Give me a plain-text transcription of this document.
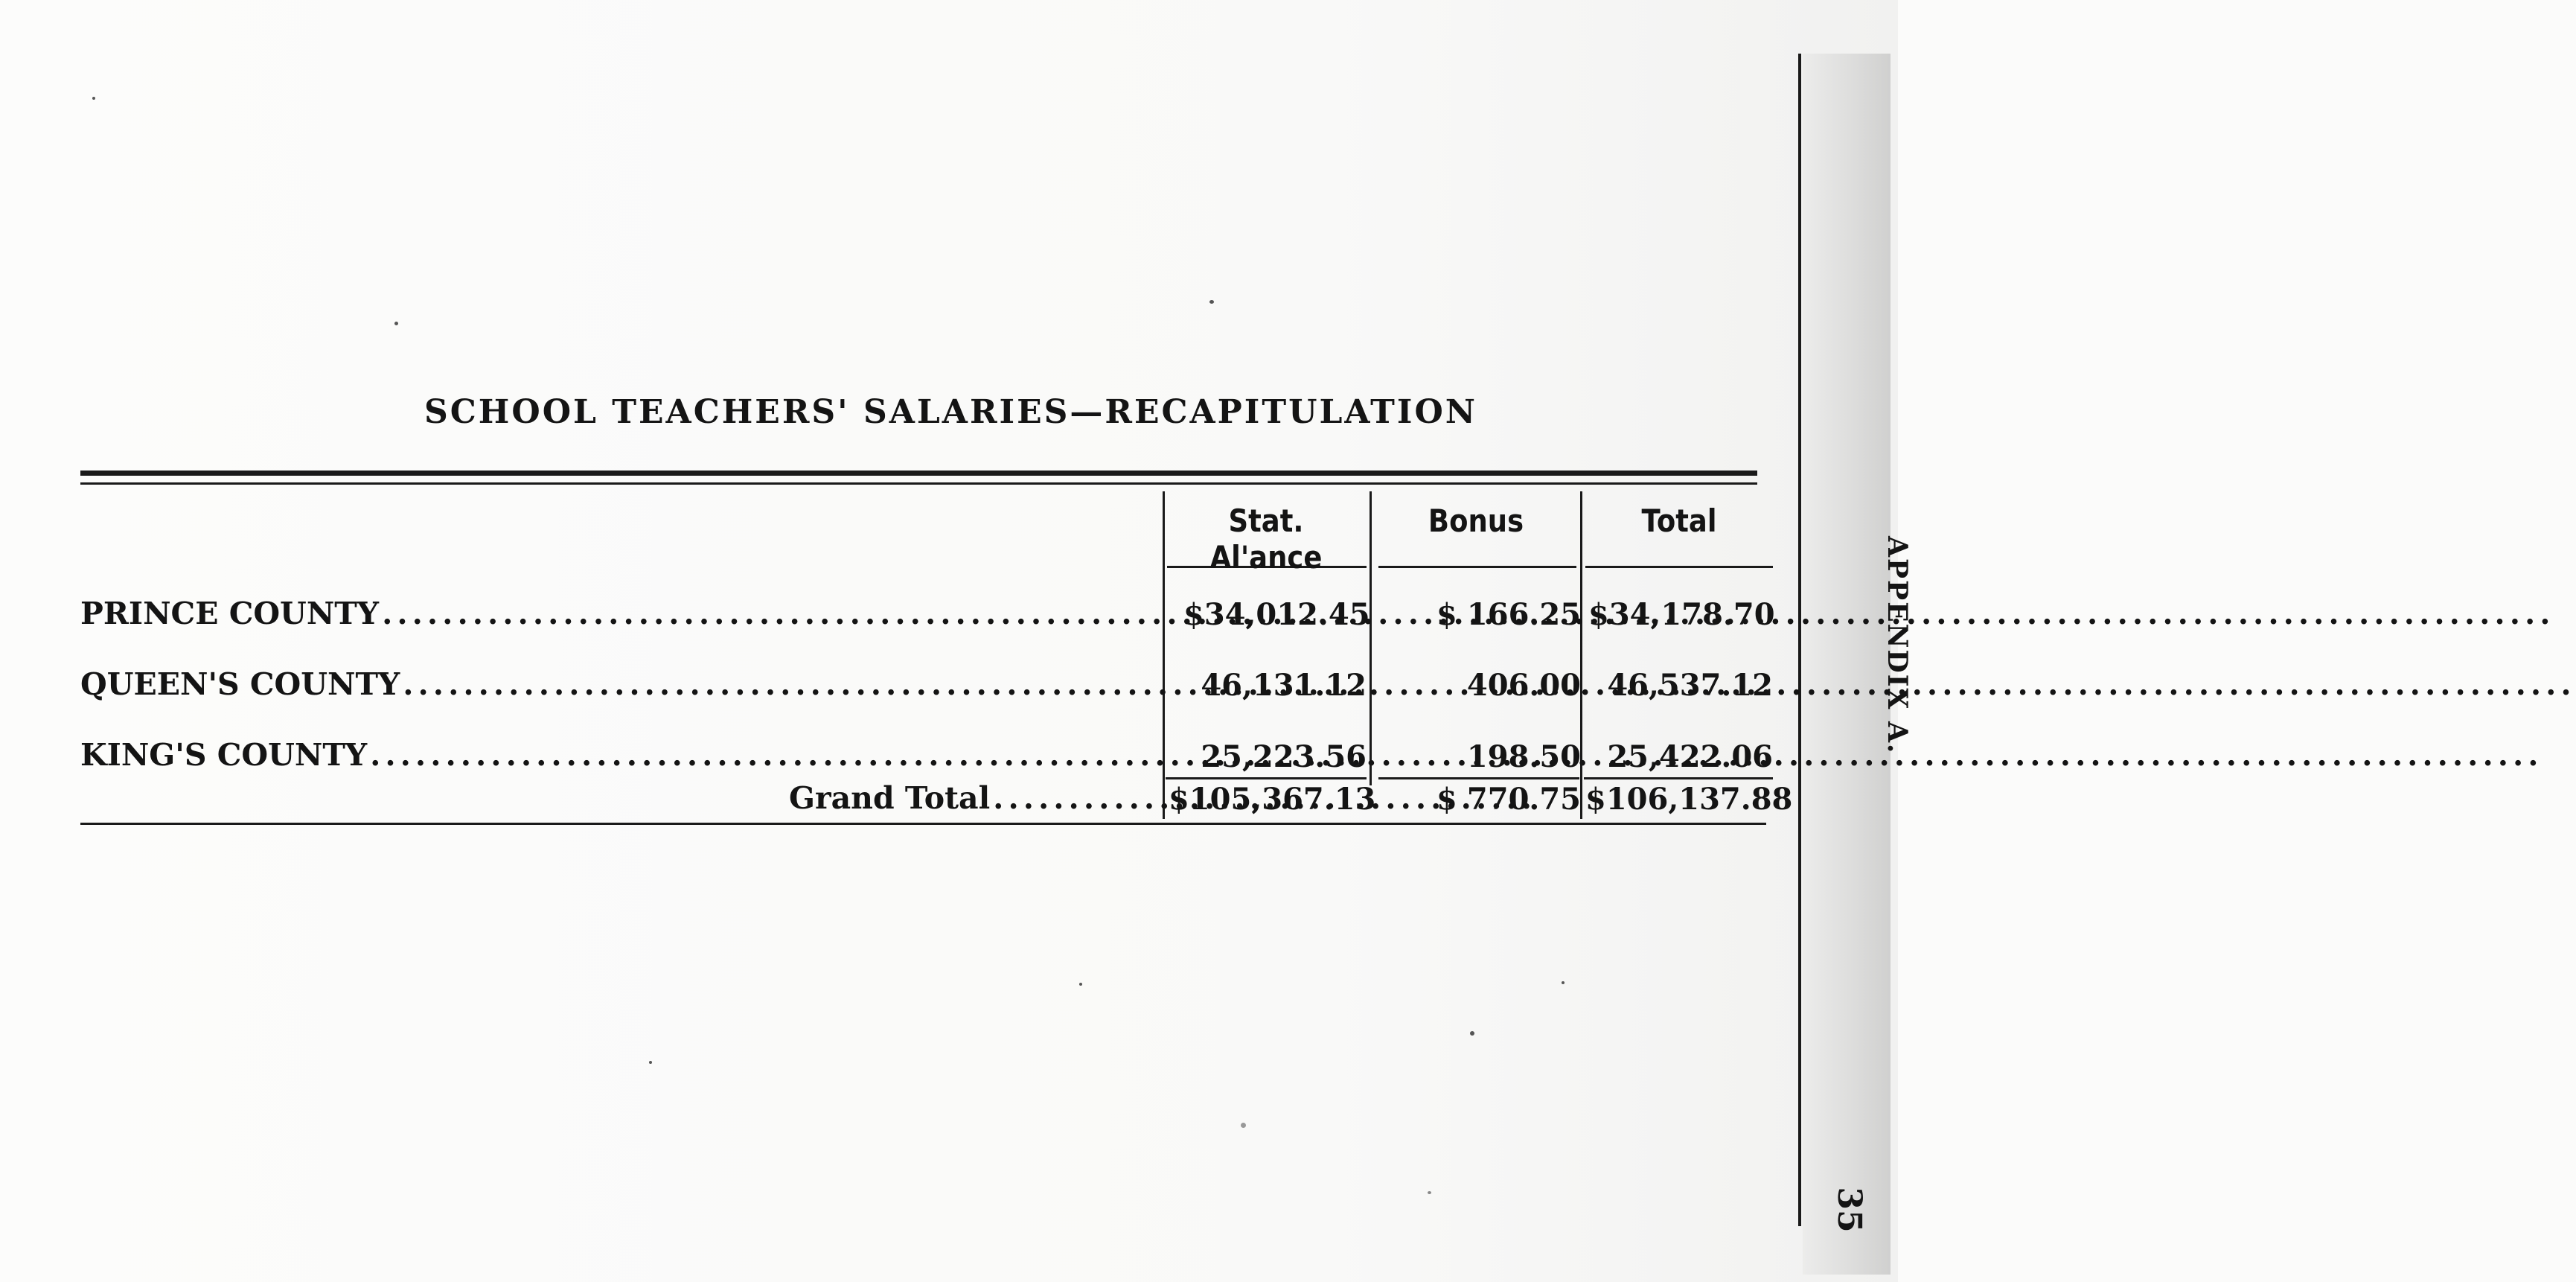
SCHOOL TEACHERS' SALARIES—RECAPITULATION
Stat. Al'ance
Bonus	Total
PRINCE COUNTY .....	$ 34,012.45 $ 166.25 $ 34,178.70
QUEEN'S COUNTY .....	46,131.12	406.00 46,537.12
KING'S COUNTY .....	25,223.56	198.50 25,422.06
Grand Total .....	$ 105,367.13 $ 770.75 $ 106,137.88
APPENDIX A.
35
